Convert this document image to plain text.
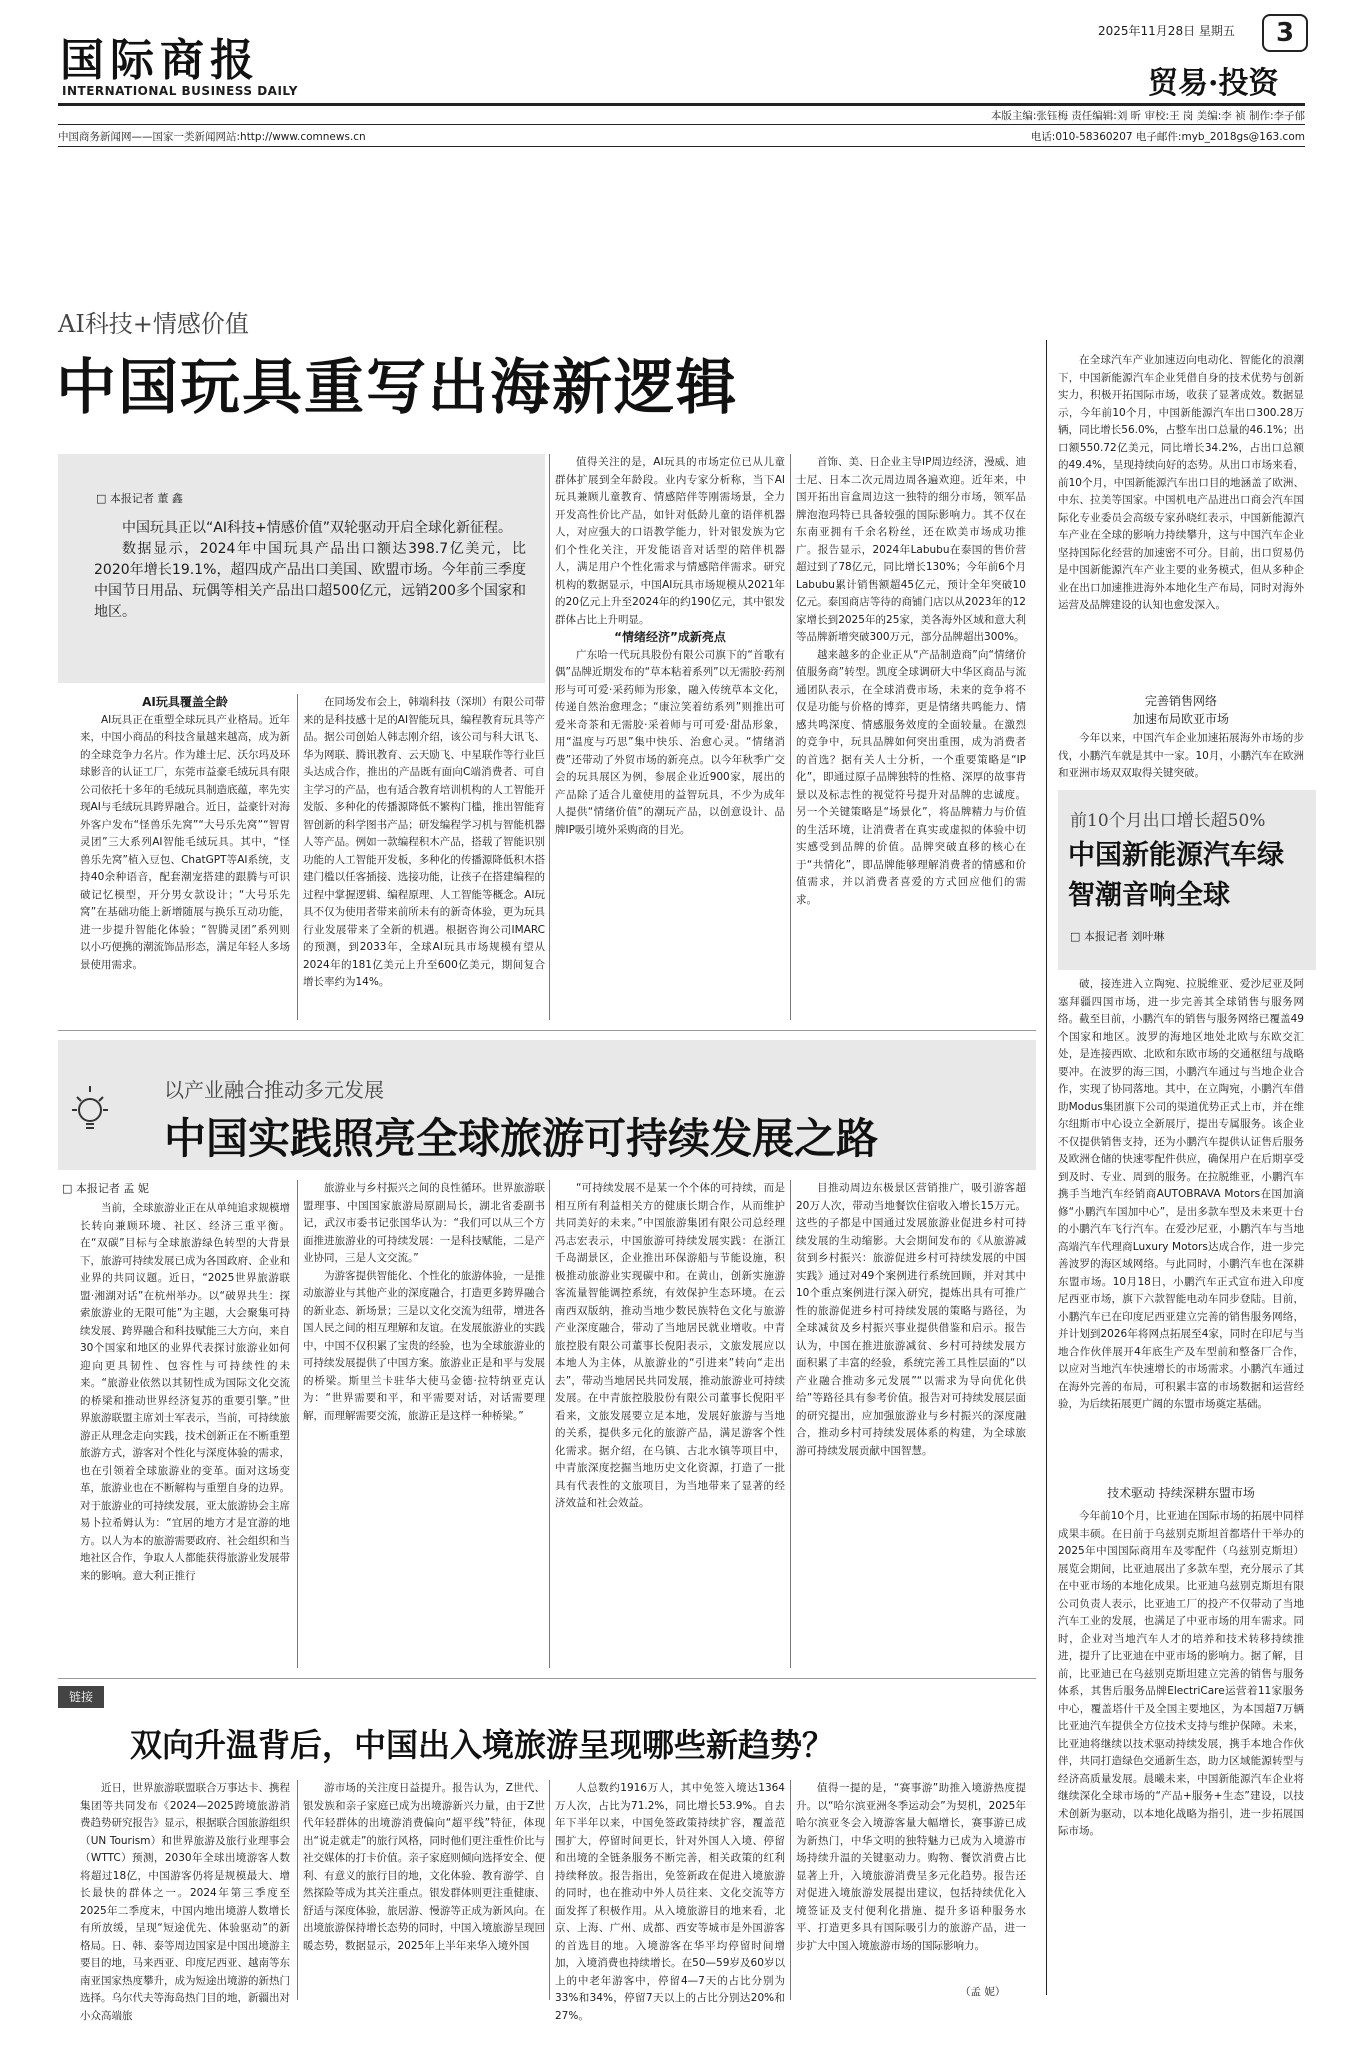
国际商报
INTERNATIONAL BUSINESS DAILY
2025年11月28日 星期五	3
贸易·投资
本版主编:张钰梅 责任编辑:刘 昕 审校:王 岗 美编:李 祯 制作:李子郁
中国商务新闻网——国家一类新闻网站:http://www.comnews.cn	电话:010-58360207 电子邮件:myb_2018gs@163.com
AI科技+情感价值
中国玩具重写出海新逻辑
□ 本报记者 董 鑫

中国玩具正以“AI科技+情感价值”双轮驱动开启全球化新征程。

数据显示，2024年中国玩具产品出口额达398.7亿美元，比2020年增长19.1%，超四成产品出口美国、欧盟市场。今年前三季度中国节日用品、玩偶等相关产品出口超500亿元，远销200多个国家和地区。

AI玩具覆盖全龄

AI玩具正在重塑全球玩具产业格局。近年来，中国小商品的科技含量越来越高，成为新的全球竞争力名片。作为雄士尼、沃尔玛及环球影音的认证工厂，东莞市益豪毛绒玩具有限公司依托十多年的毛绒玩具制造底蕴，率先实现AI与毛绒玩具跨界融合。近日，益豪针对海外客户发布“怪兽乐先窝”“大号乐先窝”“智胃灵团”三大系列AI智能毛绒玩具。其中，“怪兽乐先窝”植入豆包、ChatGPT等AI系统，支持40余种语音，配套潮宠搭建的跟腾与可识破记忆模型，开分男女款设计；“大号乐先窝”在基础功能上新增随展与换乐互动功能，进一步提升智能化体验；“智腾灵团”系列则以小巧便携的潮流饰品形态，满足年轻人多场景使用需求。

在同场发布会上，韩端科技（深圳）有限公司带来的是科技感十足的AI智能玩具，编程教育玩具等产品。据公司创始人韩志刚介绍，该公司与科大讯飞、华为网联、腾讯教育、云天励飞、中星联作等行业巨头达成合作，推出的产品既有面向C端消费者、可自主学习的产品，也有适合教育培训机构的人工智能开发版、多种化的传播源降低不繁构门槛，推出智能育智创新的科学图书产品；研发编程学习机与智能机器人等产品。例如一款编程积木产品，搭载了智能识别功能的人工智能开发板，多种化的传播源降低积木搭建门槛以任客插接、选接功能，让孩子在搭建编程的过程中掌握逻辑、编程原理、人工智能等概念。AI玩具不仅为使用者带来前所未有的新奇体验，更为玩具行业发展带来了全新的机遇。根据咨询公司IMARC的预测，到2033年，全球AI玩具市场规模有望从2024年的181亿美元上升至600亿美元，期间复合增长率约为14%。

值得关注的是，AI玩具的市场定位已从儿童群体扩展到全年龄段。业内专家分析称，当下AI玩具兼顾儿童教育、情感陪伴等刚需场景，全力开发高性价比产品，如针对低龄儿童的语伴机器人，对应强大的口语教学能力，针对银发族为它们个性化关注，开发能语音对话型的陪伴机器人，满足用户个性化需求与情感陪伴需求。研究机构的数据显示，中国AI玩具市场规模从2021年的20亿元上升至2024年的约190亿元，其中银发群体占比上升明显。

“情绪经济”成新亮点

广东哈一代玩具股份有限公司旗下的“首歌有偶”品牌近期发布的“草本粘着系列”以无需胶·药剂形与可可爱·采药师为形象，融入传统草本文化，传递自然治愈理念；“康泣笑着纺系列”则推出可爱米奇茶和无需胶·采着师与可可爱·甜品形象，用“温度与巧思”集中快乐、治愈心灵。“情绪消费”还带动了外贸市场的新亮点。以今年秋季广交会的玩具展区为例，参展企业近900家，展出的产品除了适合儿童使用的益智玩具，不少为成年人提供“情绪价值”的潮玩产品，以创意设计、品牌IP吸引境外采购商的目光。

首饰、美、日企业主导IP周边经济，漫威、迪士尼、日本二次元周边周各遍欢迎。近年来，中国开拓出盲盒周边这一独特的细分市场，领军品牌泡泡玛特已具备较强的国际影响力。其不仅在东南亚拥有千余名粉丝，还在欧美市场成功推广。报告显示，2024年Labubu在泰国的售价营超过到了78亿元，同比增长130%；今年前6个月Labubu累计销售额超45亿元，预计全年突破10亿元。泰国商店等待的商铺门店以从2023年的12家增长到2025年的25家，美各海外区域和意大利等品牌新增突破300万元，部分品牌超出300%。

越来越多的企业正从“产品制造商”向“情绪价值服务商”转型。凯度全球调研大中华区商品与流通团队表示，在全球消费市场，未来的竞争将不仅是功能与价格的博弈，更是情绪共鸣能力、情感共鸣深度、情感服务效度的全面较量。在激烈的竞争中，玩具品牌如何突出重围，成为消费者的首选？据有关人士分析，一个重要策略是“IP化”，即通过原子品牌独特的性格、深厚的故事背景以及标志性的视觉符号提升对品牌的忠诚度。另一个关键策略是“场景化”，将品牌精力与价值的生活环境，让消费者在真实或虚拟的体验中切实感受到品牌的价值。品牌突破直移的核心在于“共情化”，即品牌能够理解消费者的情感和价值需求，并以消费者喜爱的方式回应他们的需求。

在全球汽车产业加速迈向电动化、智能化的浪潮下，中国新能源汽车企业凭借自身的技术优势与创新实力，积极开拓国际市场，收获了显著成效。数据显示，今年前10个月，中国新能源汽车出口300.28万辆，同比增长56.0%，占整车出口总量的46.1%；出口额550.72亿美元，同比增长34.2%，占出口总额的49.4%，呈现持续向好的态势。从出口市场来看，前10个月，中国新能源汽车出口目的地涵盖了欧洲、中东、拉美等国家。中国机电产品进出口商会汽车国际化专业委员会高级专家孙晓红表示，中国新能源汽车产业在全球的影响力持续攀升，这与中国汽车企业坚持国际化经营的加速密不可分。目前，出口贸易仍是中国新能源汽车产业主要的业务模式，但从多种企业在出口加速推进海外本地化生产布局，同时对海外运营及品牌建设的认知也愈发深入。

完善销售网络
加速布局欧亚市场

今年以来，中国汽车企业加速拓展海外市场的步伐，小鹏汽车就是其中一家。10月，小鹏汽车在欧洲和亚洲市场双双取得关键突破。

前10个月出口增长超50%
中国新能源汽车绿智潮音响全球
□ 本报记者 刘叶琳

破，接连进入立陶宛、拉脱维亚、爱沙尼亚及阿塞拜疆四国市场，进一步完善其全球销售与服务网络。截至目前，小鹏汽车的销售与服务网络已覆盖49个国家和地区。波罗的海地区地处北欧与东欧交汇处，是连接西欧、北欧和东欧市场的交通枢纽与战略要冲。在波罗的海三国，小鹏汽车通过与当地企业合作，实现了协同落地。其中，在立陶宛，小鹏汽车借助Modus集团旗下公司的渠道优势正式上市，并在维尔纽斯市中心设立全新展厅，提出专属服务。该企业不仅提供销售支持，还为小鹏汽车提供认证售后服务及欧洲仓储的快速零配件供应，确保用户在后期享受到及时、专业、周到的服务。在拉脱维亚，小鹏汽车携手当地汽车经销商AUTOBRAVA Motors在国加滴修“小鹏汽车国加中心”，是出多款车型及未来更十台的小鹏汽车飞行汽车。在爱沙尼亚，小鹏汽车与当地高端汽车代理商Luxury Motors达成合作，进一步完善波罗的海区域网络。与此同时，小鹏汽车也在深耕东盟市场。10月18日，小鹏汽车正式宣布进入印度尼西亚市场，旗下六款智能电动车同步登陆。目前，小鹏汽车已在印度尼西亚建立完善的销售服务网络，并计划到2026年将网点拓展至4家，同时在印尼与当地合作伙伴展开4年底生产及车型前和整备厂合作，以应对当地汽车快速增长的市场需求。小鹏汽车通过在海外完善的布局，可积累丰富的市场数据和运营经验，为后续拓展更广阔的东盟市场奠定基础。

技术驱动 持续深耕东盟市场

今年前10个月，比亚迪在国际市场的拓展中同样成果丰硕。在日前于乌兹别克斯坦首都塔什干举办的2025年中国国际商用车及零配件（乌兹别克斯坦）展览会期间，比亚迪展出了多款车型，充分展示了其在中亚市场的本地化成果。比亚迪乌兹别克斯坦有限公司负责人表示，比亚迪工厂的投产不仅带动了当地汽车工业的发展，也满足了中亚市场的用车需求。同时，企业对当地汽车人才的培养和技术转移持续推进，提升了比亚迪在中亚市场的影响力。据了解，目前，比亚迪已在乌兹别克斯坦建立完善的销售与服务体系，其售后服务品牌ElectriCare运营着11家服务中心，覆盖塔什干及全国主要地区，为本国超7万辆比亚迪汽车提供全方位技术支持与维护保障。未来，比亚迪将继续以技术驱动持续发展，携手本地合作伙伴，共同打造绿色交通新生态，助力区域能源转型与经济高质量发展。晨曦未来，中国新能源汽车企业将继续深化全球市场的“产品+服务+生态”建设，以技术创新为驱动，以本地化战略为指引，进一步拓展国际市场。

以产业融合推动多元发展
中国实践照亮全球旅游可持续发展之路
□ 本报记者 孟 妮

当前，全球旅游业正在从单纯追求规模增长转向兼顾环境、社区、经济三重平衡。在“双碳”目标与全球旅游绿色转型的大背景下，旅游可持续发展已成为各国政府、企业和业界的共同议题。近日，“2025世界旅游联盟·湘湖对话”在杭州举办。以“破界共生：探索旅游业的无限可能”为主题，大会聚集可持续发展、跨界融合和科技赋能三大方向，来自30个国家和地区的业界代表探讨旅游业如何迎向更具韧性、包容性与可持续性的未来。“旅游业依然以其韧性成为国际文化交流的桥梁和推动世界经济复苏的重要引擎。”世界旅游联盟主席刘士军表示，当前，可持续旅游正从理念走向实践，技术创新正在不断重塑旅游方式，游客对个性化与深度体验的需求，也在引领着全球旅游业的变革。面对这场变革，旅游业也在不断解构与重塑自身的边界。对于旅游业的可持续发展，亚太旅游协会主席易卜拉希姆认为：“宜居的地方才是宜游的地方。以人为本的旅游需要政府、社会组织和当地社区合作，争取人人都能获得旅游业发展带来的影响。意大利正推行

旅游业与乡村振兴之间的良性循环。世界旅游联盟理事、中国国家旅游局原副局长，湖北省委副书记，武汉市委书记张国华认为：“我们可以从三个方面推进旅游业的可持续发展：一是科技赋能，二是产业协同，三是人文交流。”

为游客提供智能化、个性化的旅游体验，一是推动旅游业与其他产业的深度融合，打造更多跨界融合的新业态、新场景；三是以文化交流为纽带，增进各国人民之间的相互理解和友谊。在发展旅游业的实践中，中国不仅积累了宝贵的经验，也为全球旅游业的可持续发展提供了中国方案。旅游业正是和平与发展的桥梁。斯里兰卡驻华大使马金德·拉特纳亚克认为：“世界需要和平，和平需要对话，对话需要理解，而理解需要交流，旅游正是这样一种桥梁。”

“可持续发展不是某一个个体的可持续，而是相互所有利益相关方的健康长期合作，从而维护共同美好的未来。”中国旅游集团有限公司总经理冯志宏表示，中国旅游可持续发展实践：在浙江千岛湖景区，企业推出环保游船与节能设施，积极推动旅游业实现碳中和。在黄山，创新实施游客流量智能调控系统，有效保护生态环境。在云南西双版纳，推动当地少数民族特色文化与旅游产业深度融合，带动了当地居民就业增收。中青旅控股有限公司董事长倪阳表示，文旅发展应以本地人为主体，从旅游业的“引进来”转向“走出去”，带动当地居民共同发展，推动旅游业可持续发展。在中青旅控股股份有限公司董事长倪阳平看来，文旅发展要立足本地，发展好旅游与当地的关系，提供多元化的旅游产品，满足游客个性化需求。据介绍，在乌镇、古北水镇等项目中，中青旅深度挖掘当地历史文化资源，打造了一批具有代表性的文旅项目，为当地带来了显著的经济效益和社会效益。

目推动周边东极景区营销推广，吸引游客超20万人次，带动当地餐饮住宿收入增长15万元。这些的子都是中国通过发展旅游业促进乡村可持续发展的生动缩影。大会期间发布的《从旅游减贫到乡村振兴：旅游促进乡村可持续发展的中国实践》通过对49个案例进行系统回顾，并对其中10个重点案例进行深入研究，提炼出具有可推广性的旅游促进乡村可持续发展的策略与路径，为全球减贫及乡村振兴事业提供借鉴和启示。报告认为，中国在推进旅游减贫、乡村可持续发展方面积累了丰富的经验，系统完善工具性层面的“以产业融合推动多元发展”“以需求为导向优化供给”等路径具有参考价值。报告对可持续发展层面的研究提出，应加强旅游业与乡村振兴的深度融合，推动乡村可持续发展体系的构建，为全球旅游可持续发展贡献中国智慧。

链接
双向升温背后，中国出入境旅游呈现哪些新趋势？

近日，世界旅游联盟联合万事达卡、携程集团等共同发布《2024—2025跨境旅游消费趋势研究报告》显示，根据联合国旅游组织（UN Tourism）和世界旅游及旅行业理事会（WTTC）预测，2030年全球出境游客人数将超过18亿，中国游客仍将是规模最大、增长最快的群体之一。2024年第三季度至2025年二季度末，中国内地出境游人数增长有所放缓，呈现“短途优先、体验驱动”的新格局。日、韩、泰等周边国家是中国出境游主要目的地，马来西亚、印度尼西亚、越南等东南亚国家热度攀升，成为短途出境游的新热门选择。乌尔代夫等海岛热门目的地，新疆出对小众高端旅

游市场的关注度日益提升。报告认为，Z世代、银发族和亲子家庭已成为出境游新兴力量，由于Z世代年轻群体的出境游消费偏向“超平线”特征，体现出“说走就走”的旅行风格，同时他们更注重性价比与社交媒体的打卡价值。亲子家庭则倾向选择安全、便利、有意义的旅行目的地，文化体验、教育游学、自然探险等成为其关注重点。银发群体则更注重健康、舒适与深度体验，旅居游、慢游等正成为新风向。在出境旅游保持增长态势的同时，中国入境旅游呈现回暖态势，数据显示，2025年上半年来华入境外国

人总数约1916万人，其中免签入境达1364万人次，占比为71.2%，同比增长53.9%。自去年下半年以来，中国免签政策持续扩容，覆盖范围扩大，停留时间更长，针对外国人入境、停留和出境的全链条服务不断完善，相关政策的红利持续释放。报告指出，免签新政在促进入境旅游的同时，也在推动中外人员往来、文化交流等方面发挥了积极作用。从入境旅游目的地来看，北京、上海、广州、成都、西安等城市是外国游客的首选目的地。入境游客在华平均停留时间增加，入境消费也持续增长。在50—59岁及60岁以上的中老年游客中，停留4—7天的占比分别为33%和34%，停留7天以上的占比分别达20%和27%。

值得一提的是，“赛事游”助推入境游热度提升。以“哈尔滨亚洲冬季运动会”为契机，2025年哈尔滨亚冬会入境游客量大幅增长，赛事游已成为新热门，中华文明的独特魅力已成为入境游市场持续升温的关键驱动力。购物、餐饮消费占比显著上升，入境旅游消费呈多元化趋势。报告还对促进入境旅游发展提出建议，包括持续优化入境签证及支付便利化措施、提升多语种服务水平、打造更多具有国际吸引力的旅游产品，进一步扩大中国入境旅游市场的国际影响力。

（孟 妮）
